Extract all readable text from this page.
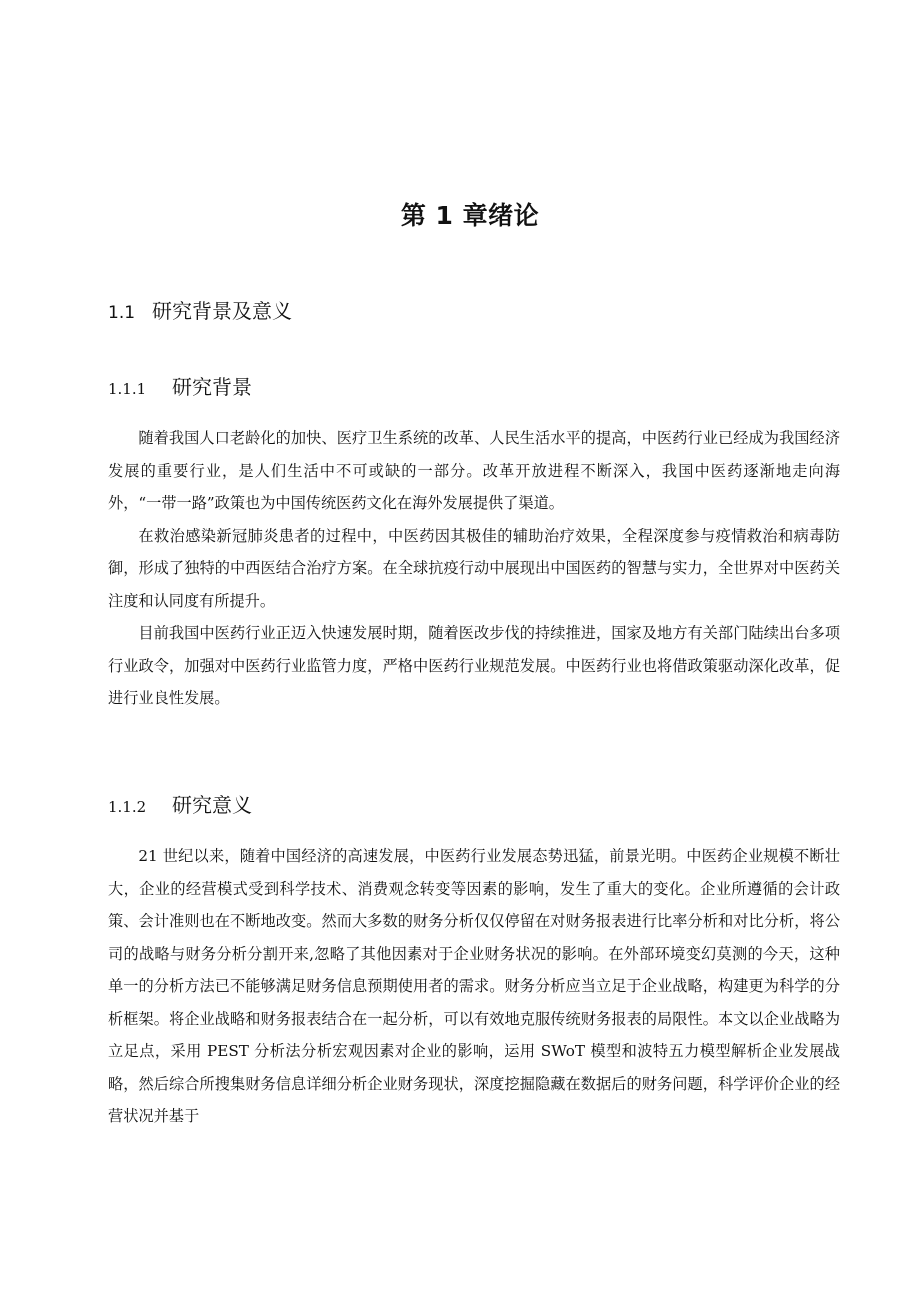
第 1 章绪论
1.1 研究背景及意义
1.1.1 研究背景

随着我国人口老龄化的加快、医疗卫生系统的改革、人民生活水平的提高，中医药行业已经成为我国经济发展的重要行业，是人们生活中不可或缺的一部分。改革开放进程不断深入，我国中医药逐渐地走向海外，“一带一路”政策也为中国传统医药文化在海外发展提供了渠道。

在救治感染新冠肺炎患者的过程中，中医药因其极佳的辅助治疗效果，全程深度参与疫情救治和病毒防御，形成了独特的中西医结合治疗方案。在全球抗疫行动中展现出中国医药的智慧与实力，全世界对中医药关注度和认同度有所提升。

目前我国中医药行业正迈入快速发展时期，随着医改步伐的持续推进，国家及地方有关部门陆续出台多项行业政令，加强对中医药行业监管力度，严格中医药行业规范发展。中医药行业也将借政策驱动深化改革，促进行业良性发展。

1.1.2 研究意义

21 世纪以来，随着中国经济的高速发展，中医药行业发展态势迅猛，前景光明。中医药企业规模不断壮大，企业的经营模式受到科学技术、消费观念转变等因素的影响，发生了重大的变化。企业所遵循的会计政策、会计准则也在不断地改变。然而大多数的财务分析仅仅停留在对财务报表进行比率分析和对比分析，将公司的战略与财务分析分割开来,忽略了其他因素对于企业财务状况的影响。在外部环境变幻莫测的今天，这种单一的分析方法已不能够满足财务信息预期使用者的需求。财务分析应当立足于企业战略，构建更为科学的分析框架。将企业战略和财务报表结合在一起分析，可以有效地克服传统财务报表的局限性。本文以企业战略为立足点，采用 PEST 分析法分析宏观因素对企业的影响，运用 SWoT 模型和波特五力模型解析企业发展战略，然后综合所搜集财务信息详细分析企业财务现状，深度挖掘隐藏在数据后的财务问题，科学评价企业的经营状况并基于
